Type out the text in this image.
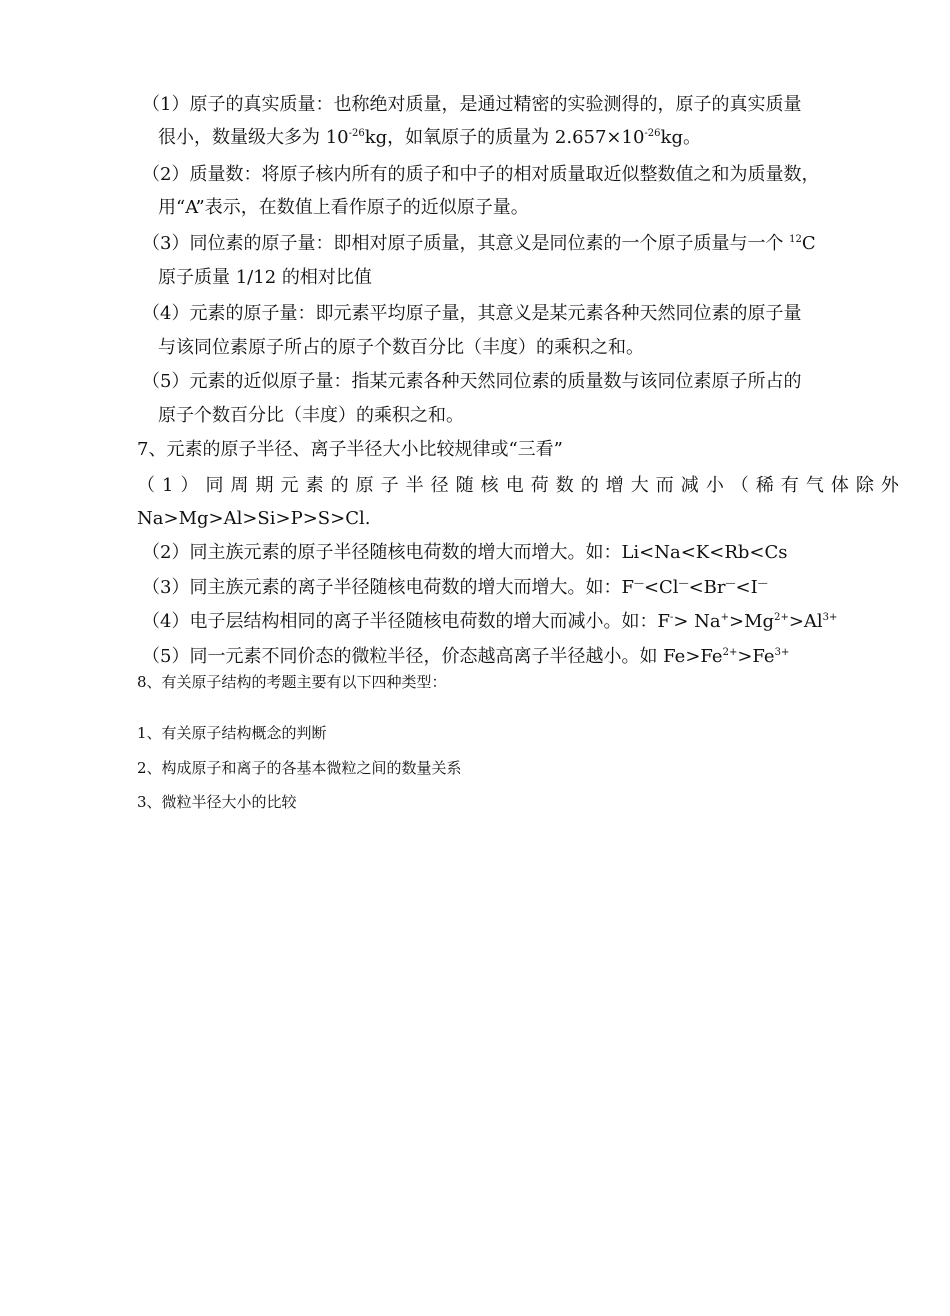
（1）原子的真实质量：也称绝对质量，是通过精密的实验测得的，原子的真实质量
很小，数量级大多为 $10^{-26}kg$，如氧原子的质量为 $2.657\times 10^{-26}kg$。
（2）质量数：将原子核内所有的质子和中子的相对质量取近似整数值之和为质量数，
用“A”表示，在数值上看作原子的近似原子量。
（3）同位素的原子量：即相对原子质量，其意义是同位素的一个原子质量与一个 $^{12}$C
原子质量 1/12 的相对比值
（4）元素的原子量：即元素平均原子量，其意义是某元素各种天然同位素的原子量
与该同位素原子所占的原子个数百分比（丰度）的乘积之和。
（5）元素的近似原子量：指某元素各种天然同位素的质量数与该同位素原子所占的
原子个数百分比（丰度）的乘积之和。
7、元素的原子半径、离子半径大小比较规律或“三看”
（ 1 ） 同 周 期 元 素 的 原 子 半 径 随 核 电 荷 数 的 增 大 而 减 小 （ 稀 有 气 体 除 外
Na>Mg>Al>Si>P>S>Cl.
（2）同主族元素的原子半径随核电荷数的增大而增大。如：Li<Na<K<Rb<Cs
（3）同主族元素的离子半径随核电荷数的增大而增大。如：F—<Cl—<Br—<I—
（4）电子层结构相同的离子半径随核电荷数的增大而减小。如：$F^-> Na^+>Mg^{2+}>Al^{3+}$
（5）同一元素不同价态的微粒半径，价态越高离子半径越小。如 $Fe>Fe^{2+}>Fe^{3+}$
8、有关原子结构的考题主要有以下四种类型：
1、有关原子结构概念的判断
2、构成原子和离子的各基本微粒之间的数量关系
3、微粒半径大小的比较
